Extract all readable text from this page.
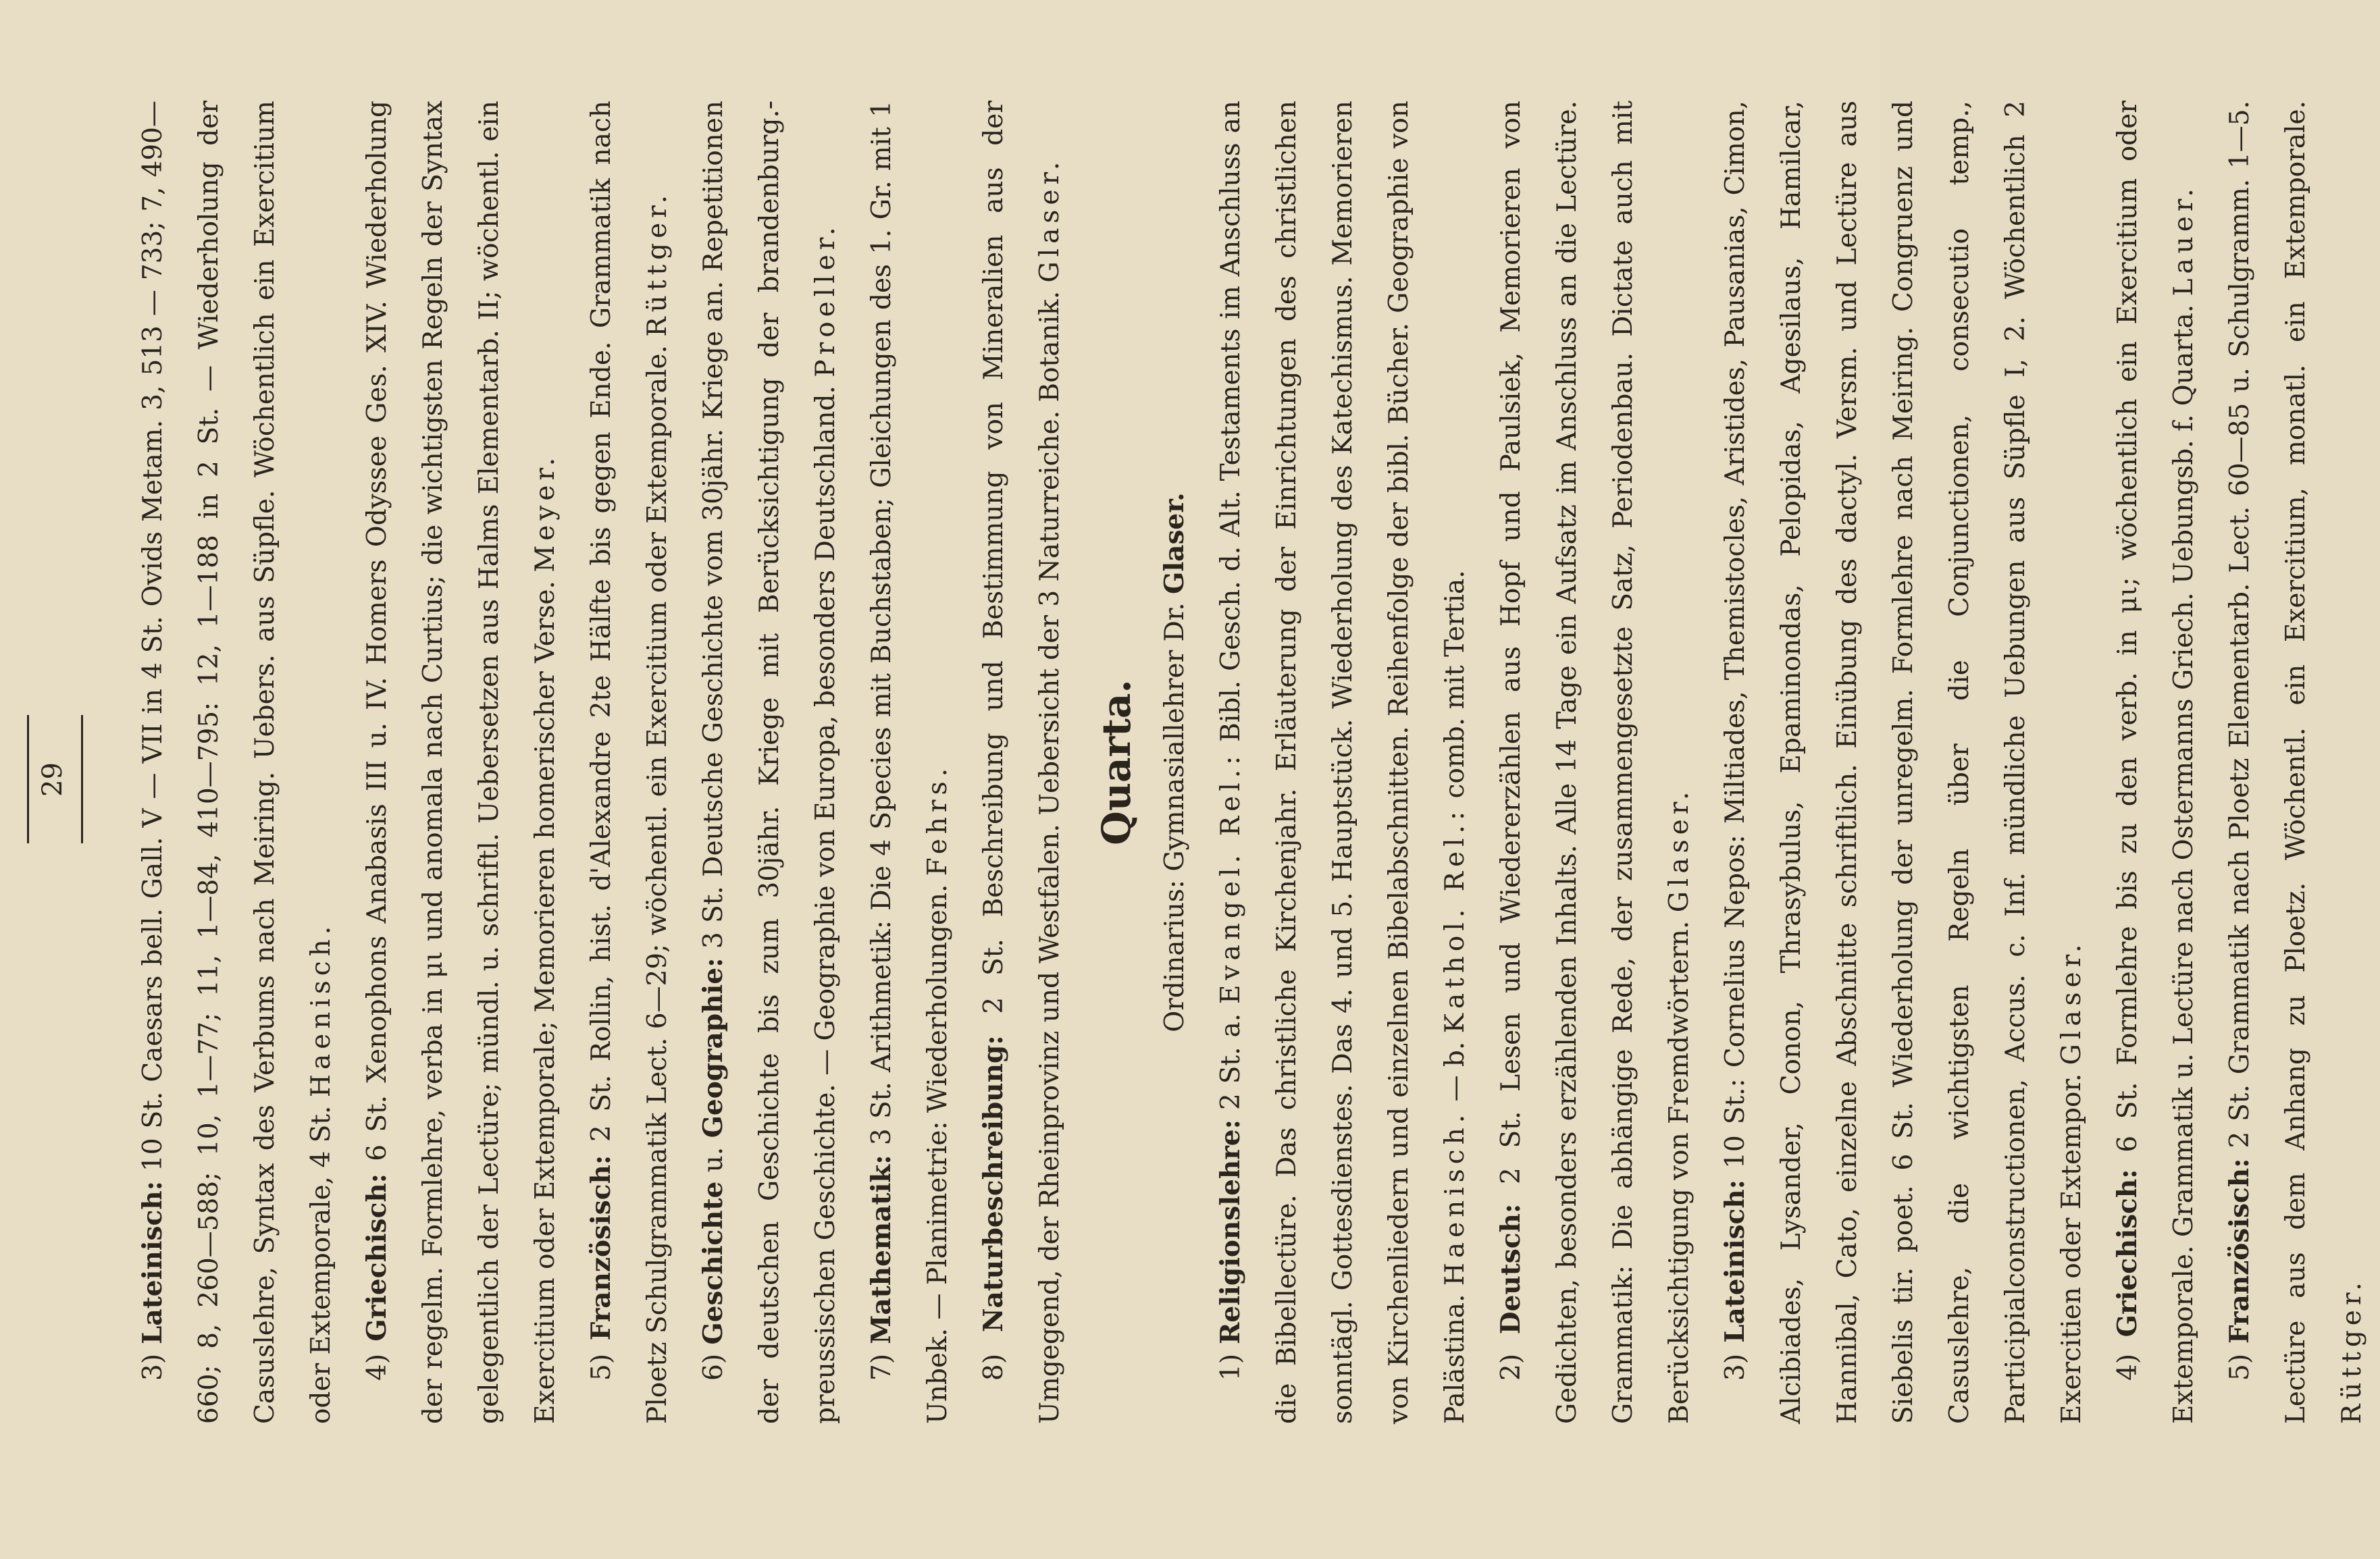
29

3) Lateinisch: 10 St. Caesars bell. Gall. V — VII in 4 St. Ovids Metam. 3, 513 — 733; 7, 490—660; 8, 260—588; 10, 1—77; 11, 1—84, 410—795: 12, 1—188 in 2 St. — Wiederholung der Casuslehre, Syntax des Verbums nach Meiring. Uebers. aus Süpfle. Wöchentlich ein Exercitium oder Extemporale, 4 St. Haenisch.

4) Griechisch: 6 St. Xenophons Anabasis III u. IV. Homers Odyssee Ges. XIV. Wiederholung der regelm. Formlehre, verba in μι und anomala nach Curtius; die wichtigsten Regeln der Syntax gelegentlich der Lectüre; mündl. u. schriftl. Uebersetzen aus Halms Elementarb. II; wöchentl. ein Exercitium oder Extemporale; Memorieren homerischer Verse. Meyer.

5) Französisch: 2 St. Rollin, hist. d'Alexandre 2te Hälfte bis gegen Ende. Grammatik nach Ploetz Schulgrammatik Lect. 6—29; wöchentl. ein Exercitium oder Extemporale. Rüttger.

6) Geschichte u. Geographie: 3 St. Deutsche Geschichte vom 30jähr. Kriege an. Repetitionen der deutschen Geschichte bis zum 30jähr. Kriege mit Berücksichtigung der brandenburg.-preussischen Geschichte. — Geographie von Europa, besonders Deutschland. Proeller.

7) Mathematik: 3 St. Arithmetik: Die 4 Species mit Buchstaben; Gleichungen des 1. Gr. mit 1 Unbek. — Planimetrie: Wiederholungen. Fehrs.

8) Naturbeschreibung: 2 St. Beschreibung und Bestimmung von Mineralien aus der Umgegend, der Rheinprovinz und Westfalen. Uebersicht der 3 Naturreiche. Botanik. Glaser.

Quarta. Ordinarius: Gymnasiallehrer Dr. Glaser.

1) Religionslehre: 2 St. a. Evangel. Rel.: Bibl. Gesch. d. Alt. Testaments im Anschluss an die Bibellectüre. Das christliche Kirchenjahr. Erläuterung der Einrichtungen des christlichen sonntägl. Gottesdienstes. Das 4. und 5. Hauptstück. Wiederholung des Katechismus. Memorieren von Kirchenliedern und einzelnen Bibelabschnitten. Reihenfolge der bibl. Bücher. Geographie von Palästina. Haenisch. — b. Kathol. Rel.: comb. mit Tertia.

2) Deutsch: 2 St. Lesen und Wiedererzählen aus Hopf und Paulsiek, Memorieren von Gedichten, besonders erzählenden Inhalts. Alle 14 Tage ein Aufsatz im Anschluss an die Lectüre. Grammatik: Die abhängige Rede, der zusammengesetzte Satz, Periodenbau. Dictate auch mit Berücksichtigung von Fremdwörtern. Glaser.

3) Lateinisch: 10 St.: Cornelius Nepos: Miltiades, Themistocles, Aristides, Pausanias, Cimon, Alcibiades, Lysander, Conon, Thrasybulus, Epaminondas, Pelopidas, Agesilaus, Hamilcar, Hannibal, Cato, einzelne Abschnitte schriftlich. Einübung des dactyl. Versm. und Lectüre aus Siebelis tir. poet. 6 St. Wiederholung der unregelm. Formlehre nach Meiring. Congruenz und Casuslehre, die wichtigsten Regeln über die Conjunctionen, consecutio temp., Participialconstructionen, Accus. c. Inf. mündliche Uebungen aus Süpfle I, 2. Wöchentlich 2 Exercitien oder Extempor. Glaser.

4) Griechisch: 6 St. Formlehre bis zu den verb. in μι; wöchentlich ein Exercitium oder Extemporale. Grammatik u. Lectüre nach Ostermanns Griech. Uebungsb. f. Quarta. Lauer.

5) Französisch: 2 St. Grammatik nach Ploetz Elementarb. Lect. 60—85 u. Schulgramm. 1—5. Lectüre aus dem Anhang zu Ploetz. Wöchentl. ein Exercitium, monatl. ein Extemporale. Rüttger.
